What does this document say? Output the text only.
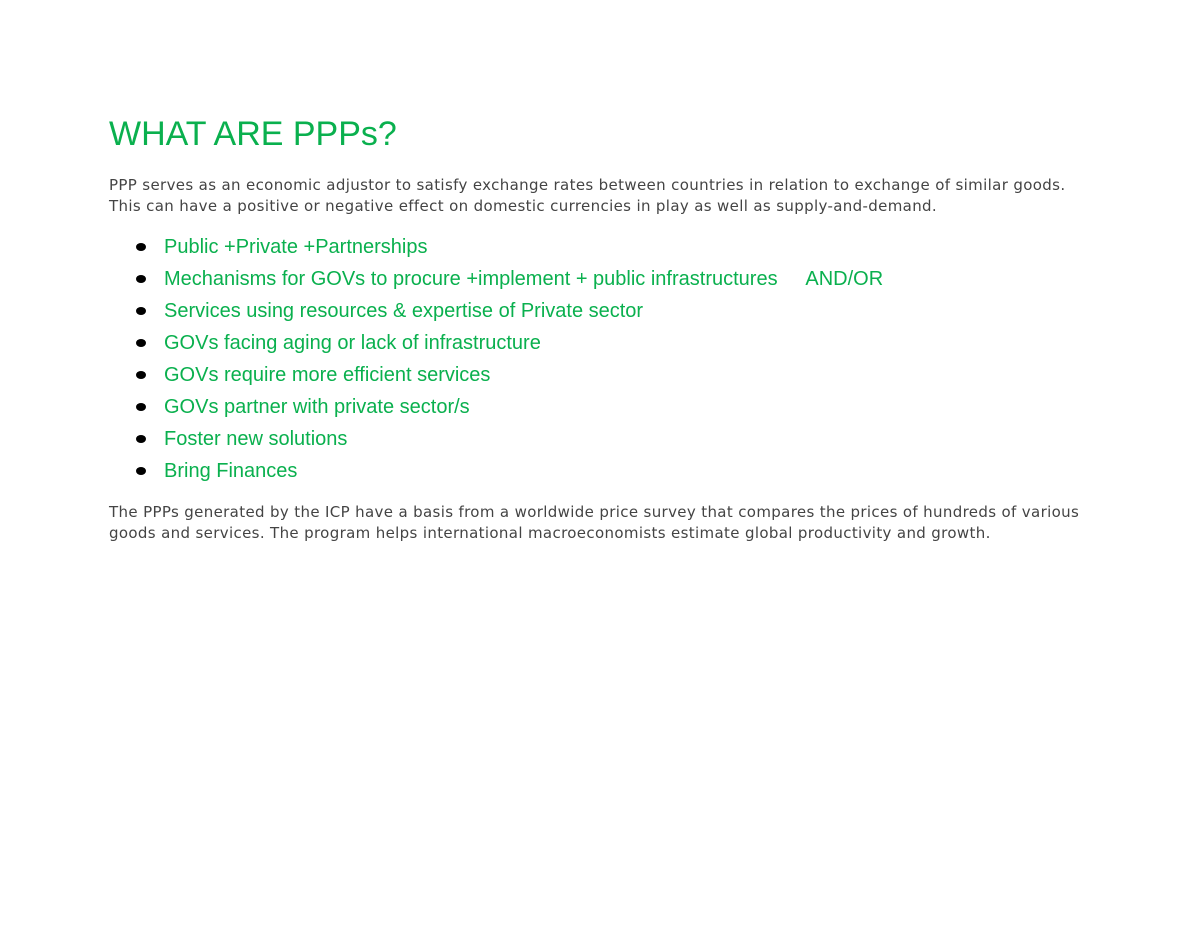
WHAT ARE PPPs?

PPP serves as an economic adjustor to satisfy exchange rates between countries in relation to exchange of similar goods. This can have a positive or negative effect on domestic currencies in play as well as supply-and-demand.

Public +Private +Partnerships
Mechanisms for GOVs to procure +implement + public infrastructures     AND/OR
Services using resources & expertise of Private sector
GOVs facing aging or lack of infrastructure
GOVs require more efficient services
GOVs partner with private sector/s
Foster new solutions
Bring Finances

The PPPs generated by the ICP have a basis from a worldwide price survey that compares the prices of hundreds of various goods and services. The program helps international macroeconomists estimate global productivity and growth.
